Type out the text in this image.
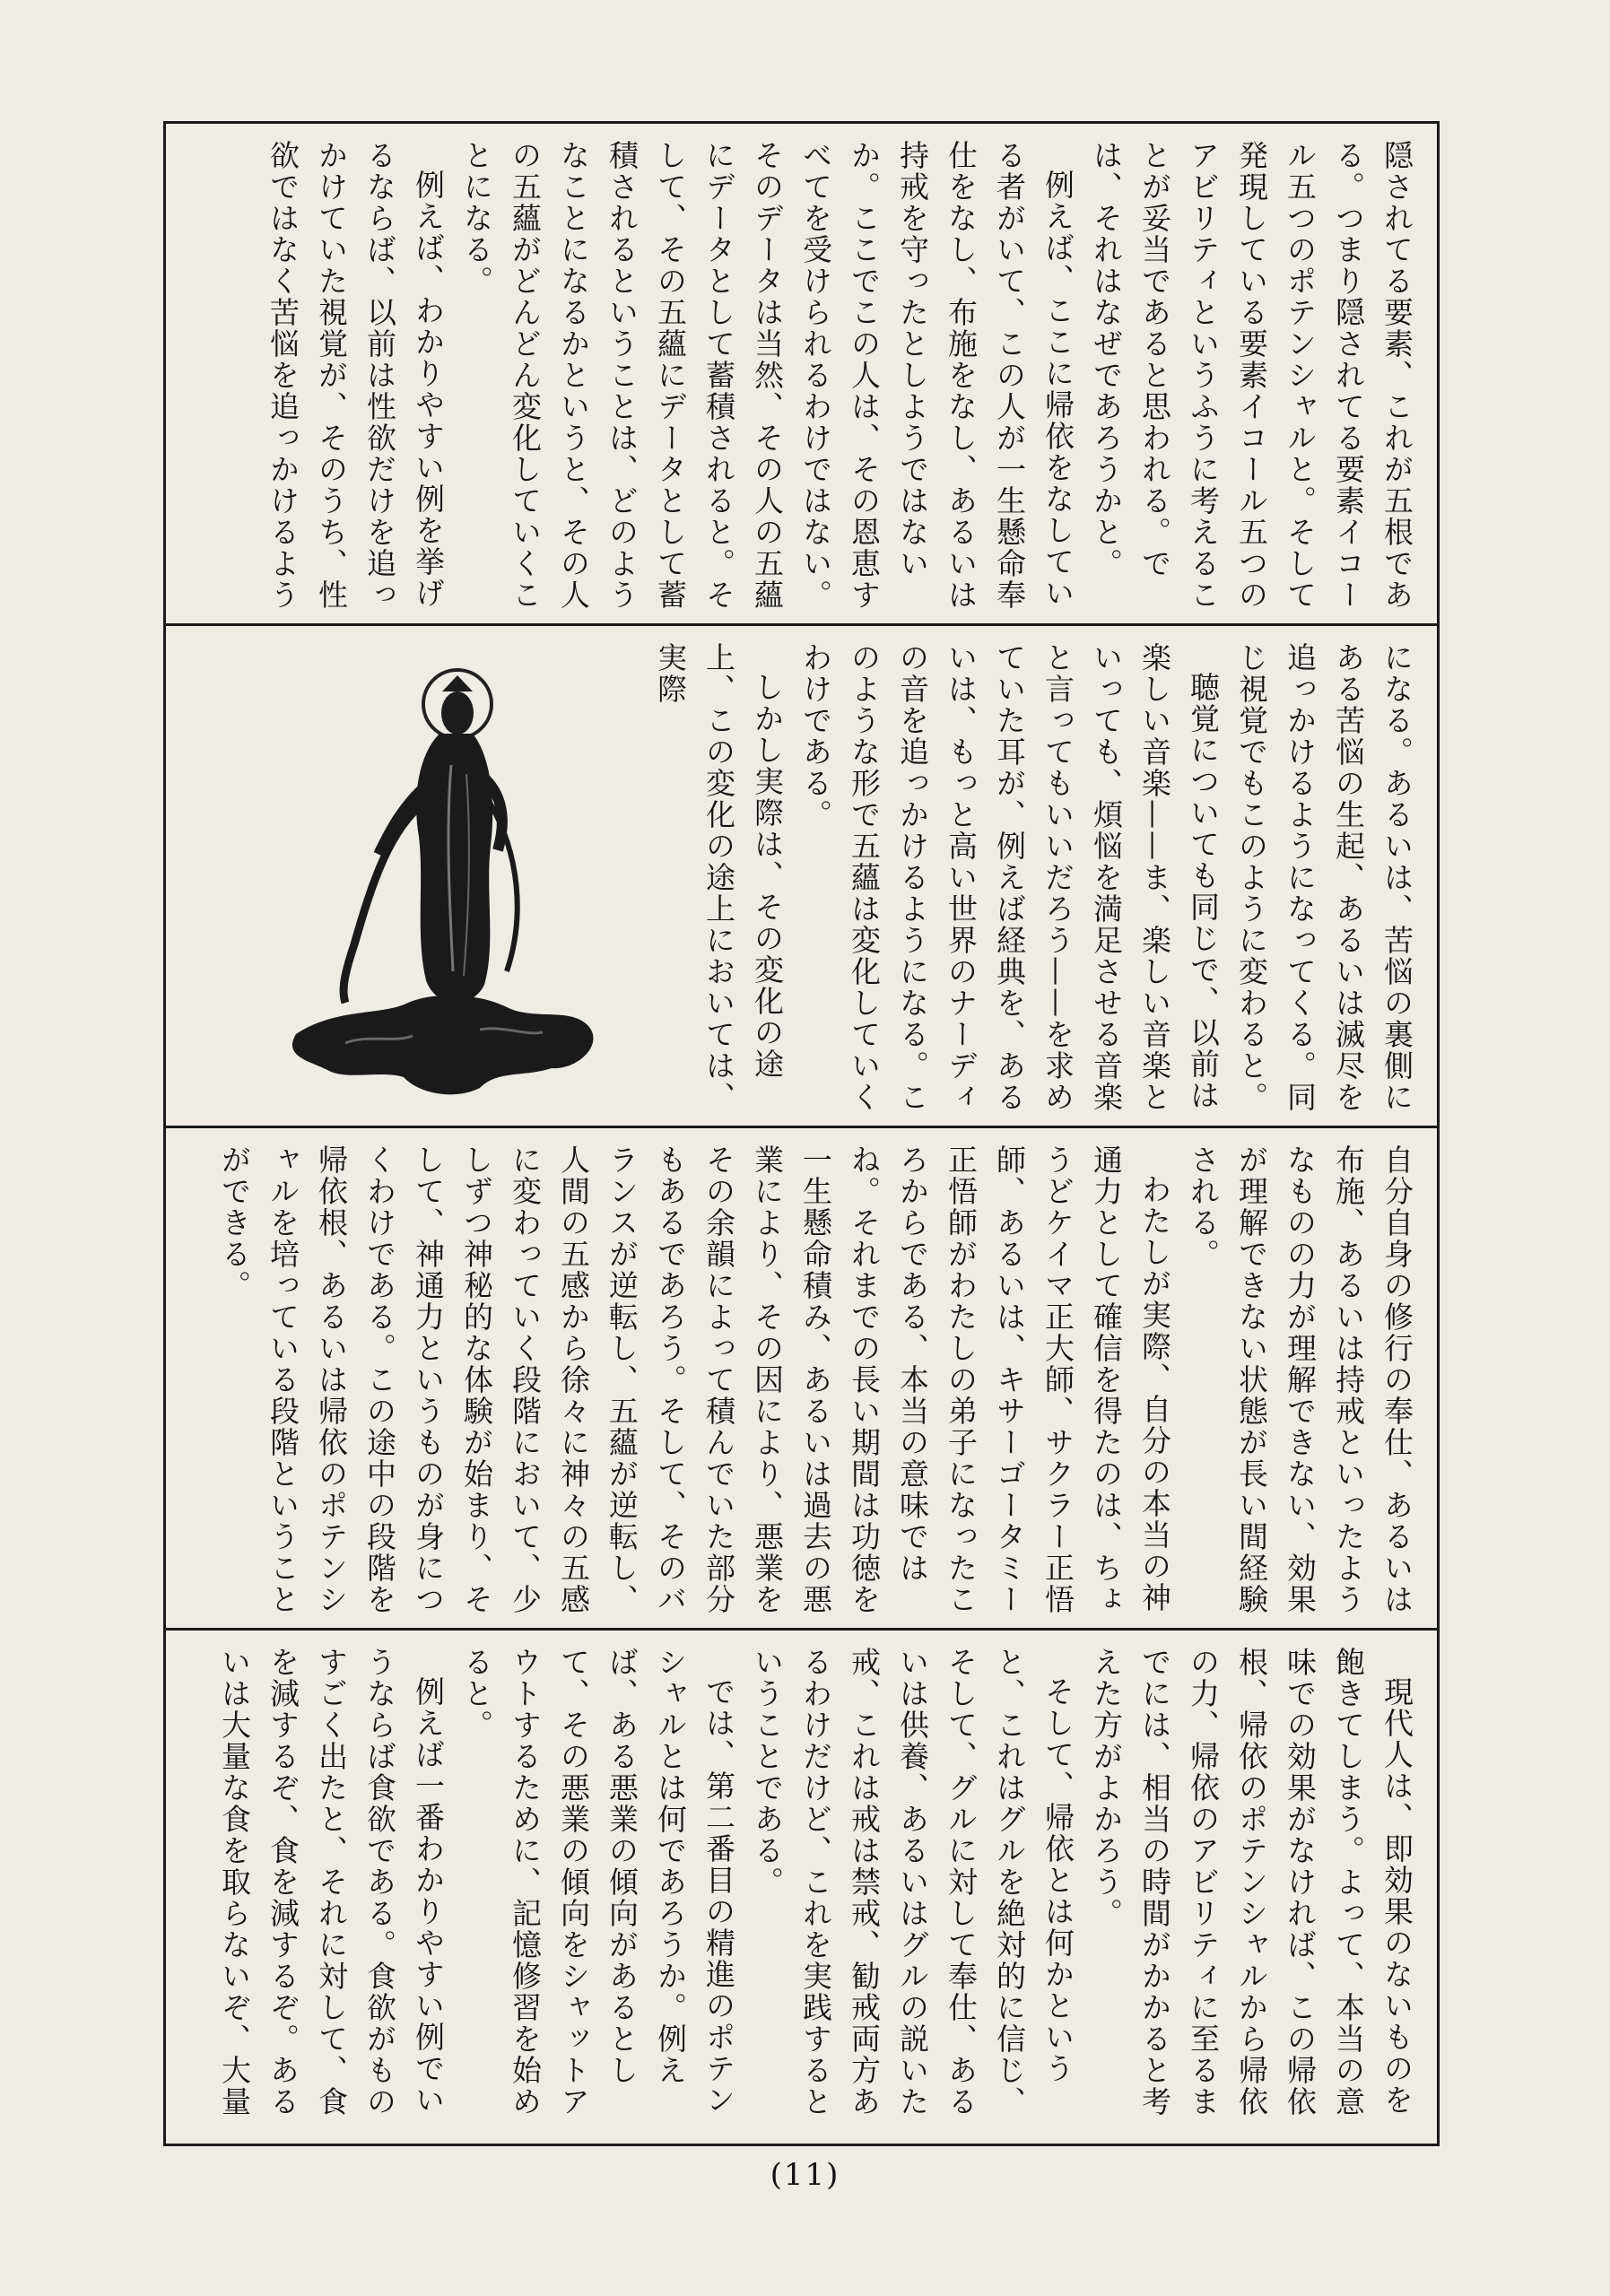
隠されてる要素、これが五根である。つまり隠されてる要素イコール五つのポテンシャルと。そして発現している要素イコール五つのアビリティというふうに考えることが妥当であると思われる。では、それはなぜであろうかと。

例えば、ここに帰依をなしている者がいて、この人が一生懸命奉仕をなし、布施をなし、あるいは持戒を守ったとしようではないか。ここでこの人は、その恩恵すべてを受けられるわけではない。そのデータは当然、その人の五蘊にデータとして蓄積されると。そして、その五蘊にデータとして蓄積されるということは、どのようなことになるかというと、その人の五蘊がどんどん変化していくことになる。

例えば、わかりやすい例を挙げるならば、以前は性欲だけを追っかけていた視覚が、そのうち、性欲ではなく苦悩を追っかけるよう

になる。あるいは、苦悩の裏側にある苦悩の生起、あるいは滅尽を追っかけるようになってくる。同じ視覚でもこのように変わると。

聴覚についても同じで、以前は楽しい音楽——ま、楽しい音楽といっても、煩悩を満足させる音楽と言ってもいいだろう——を求めていた耳が、例えば経典を、あるいは、もっと高い世界のナーディの音を追っかけるようになる。このような形で五蘊は変化していくわけである。

しかし実際は、その変化の途上、この変化の途上においては、実際

自分自身の修行の奉仕、あるいは布施、あるいは持戒といったようなものの力が理解できない、効果が理解できない状態が長い間経験される。

わたしが実際、自分の本当の神通力として確信を得たのは、ちょうどケイマ正大師、サクラー正悟師、あるいは、キサーゴータミー正悟師がわたしの弟子になったころからである、本当の意味ではね。それまでの長い期間は功徳を一生懸命積み、あるいは過去の悪業により、その因により、悪業をその余韻によって積んでいた部分もあるであろう。そして、そのバランスが逆転し、五蘊が逆転し、人間の五感から徐々に神々の五感に変わっていく段階において、少しずつ神秘的な体験が始まり、そして、神通力というものが身につくわけである。この途中の段階を帰依根、あるいは帰依のポテンシャルを培っている段階ということができる。

現代人は、即効果のないものを飽きてしまう。よって、本当の意味での効果がなければ、この帰依根、帰依のポテンシャルから帰依の力、帰依のアビリティに至るまでには、相当の時間がかかると考えた方がよかろう。

そして、帰依とは何かというと、これはグルを絶対的に信じ、そして、グルに対して奉仕、あるいは供養、あるいはグルの説いた戒、これは戒は禁戒、勧戒両方あるわけだけど、これを実践するということである。

では、第二番目の精進のポテンシャルとは何であろうか。例えば、ある悪業の傾向があるとして、その悪業の傾向をシャットアウトするために、記憶修習を始めると。

例えば一番わかりやすい例でいうならば食欲である。食欲がものすごく出たと、それに対して、食を減するぞ、食を減するぞ。あるいは大量な食を取らないぞ、大量

(11)
